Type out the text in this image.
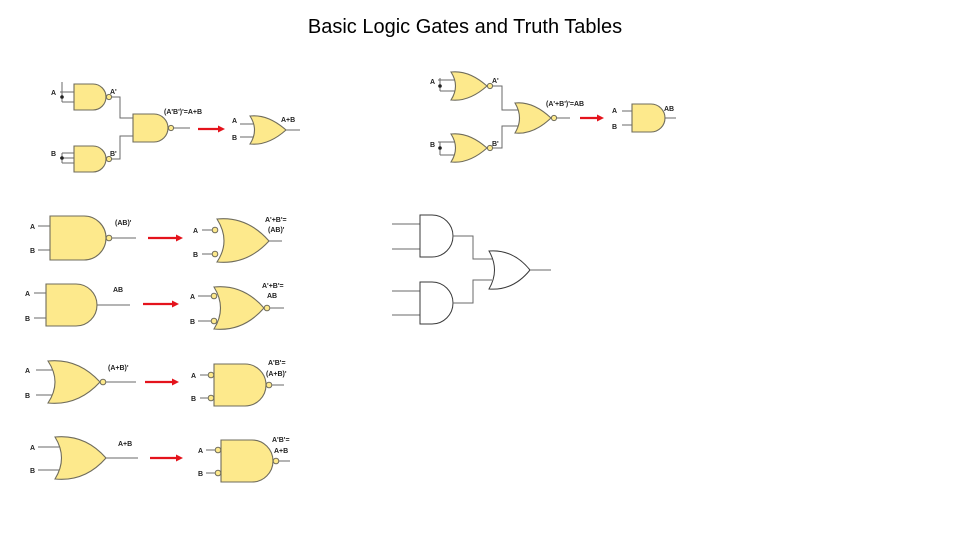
Basic Logic Gates and Truth Tables
A
B
A'
B'
(A'B')'=A+B
A
B
A+B
A
B
A'
B'
(A'+B')'=AB
A
B
AB
A
B
(AB)'
A
B
A'+B'=
(AB)'
A
B
AB
A
B
A'+B'=
AB
A
B
(A+B)'
A
B
A'B'=
(A+B)'
A
B
A+B
A
B
A'B'=
A+B
